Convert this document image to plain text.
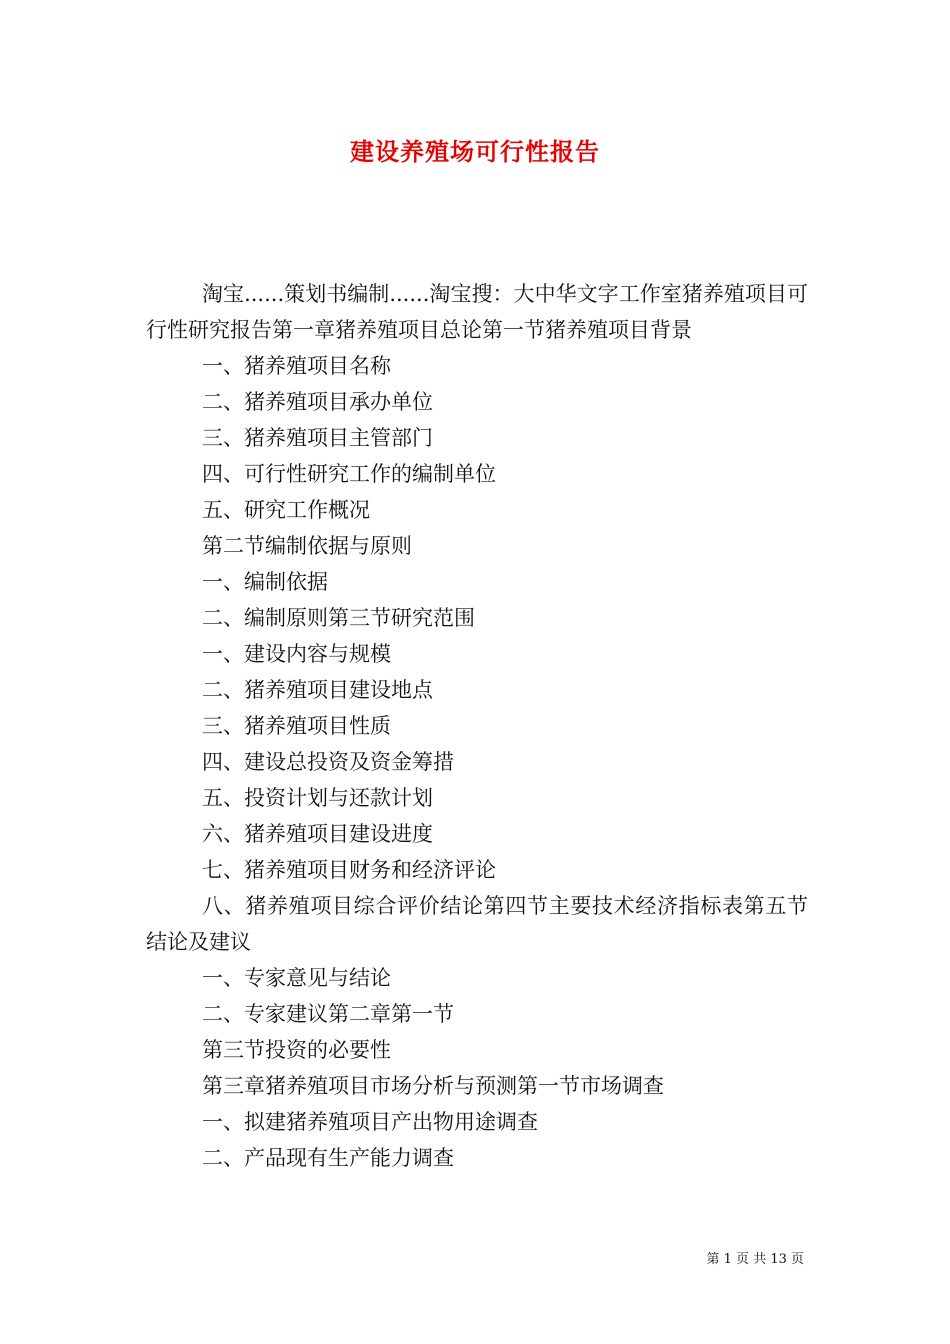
建设养殖场可行性报告

淘宝......策划书编制......淘宝搜：大中华文字工作室猪养殖项目可行性研究报告第一章猪养殖项目总论第一节猪养殖项目背景

一、猪养殖项目名称

二、猪养殖项目承办单位

三、猪养殖项目主管部门

四、可行性研究工作的编制单位

五、研究工作概况

第二节编制依据与原则

一、编制依据

二、编制原则第三节研究范围

一、建设内容与规模

二、猪养殖项目建设地点

三、猪养殖项目性质

四、建设总投资及资金筹措

五、投资计划与还款计划

六、猪养殖项目建设进度

七、猪养殖项目财务和经济评论

八、猪养殖项目综合评价结论第四节主要技术经济指标表第五节结论及建议

一、专家意见与结论

二、专家建议第二章第一节

第三节投资的必要性

第三章猪养殖项目市场分析与预测第一节市场调查

一、拟建猪养殖项目产出物用途调查

二、产品现有生产能力调查

第 1 页 共 13 页
